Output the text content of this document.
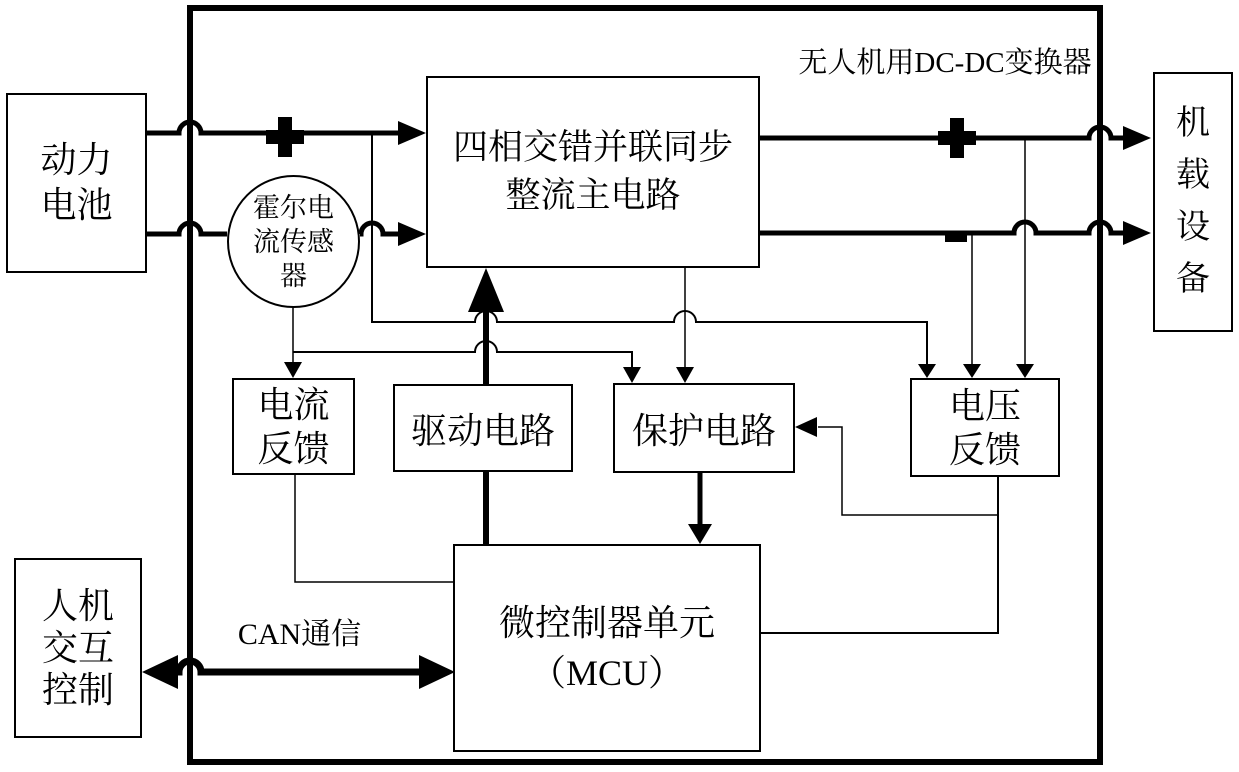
无人机用DC-DC变换器
动力
电池	霍尔电
流传感
器
四相交错并联同步
整流主电路
机
载
设
备
电流
反馈 驱动电路 保护电路
电压
反馈
微控制器单元
（MCU）
人机
交互
控制
CAN通信
